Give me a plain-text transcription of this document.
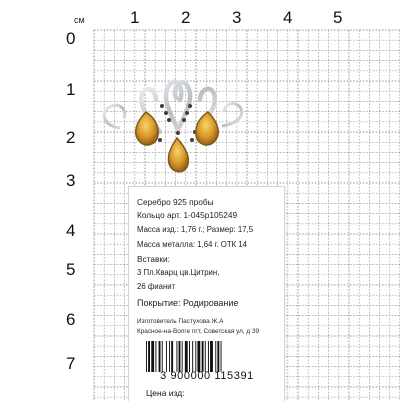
см
0
1 2 3 4 5
1
2
3
4
5
6
7
Серебро 925 пробы
Кольцо арт. 1-045р105249
Масса изд.: 1,76 г.; Размер: 17,5
Масса металла: 1,64 г. ОТК 14
Вставки:
3 Пл.Кварц цв.Цитрин,
26 фианит
Покрытие: Родирование
Изготовитель Пастухова Ж.А
Красное-на-Волге пгт, Советская ул, д 39
3 900000 115391
Цена изд:
